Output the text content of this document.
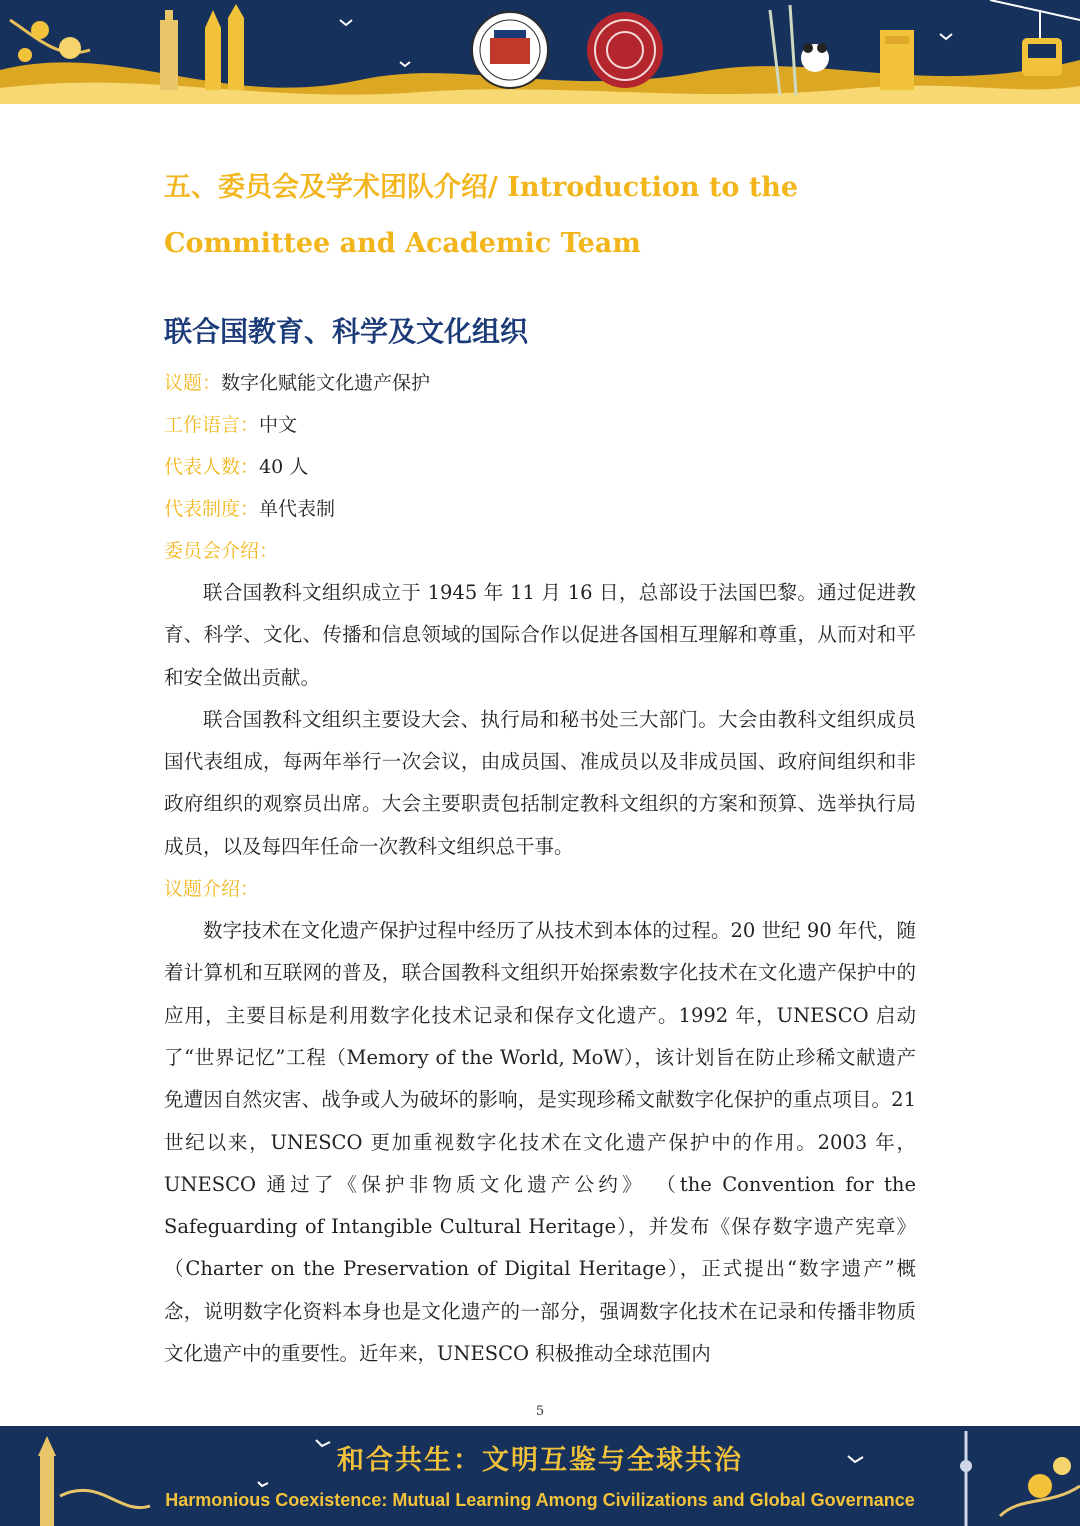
五、委员会及学术团队介绍/ Introduction to the Committee and Academic Team
联合国教育、科学及文化组织
议题：数字化赋能文化遗产保护
工作语言：中文
代表人数：40 人
代表制度：单代表制
委员会介绍：

联合国教科文组织成立于 1945 年 11 月 16 日，总部设于法国巴黎。通过促进教育、科学、文化、传播和信息领域的国际合作以促进各国相互理解和尊重，从而对和平和安全做出贡献。

联合国教科文组织主要设大会、执行局和秘书处三大部门。大会由教科文组织成员国代表组成，每两年举行一次会议，由成员国、准成员以及非成员国、政府间组织和非政府组织的观察员出席。大会主要职责包括制定教科文组织的方案和预算、选举执行局成员，以及每四年任命一次教科文组织总干事。

议题介绍：

数字技术在文化遗产保护过程中经历了从技术到本体的过程。20 世纪 90 年代，随着计算机和互联网的普及，联合国教科文组织开始探索数字化技术在文化遗产保护中的应用，主要目标是利用数字化技术记录和保存文化遗产。1992 年，UNESCO 启动了“世界记忆”工程（Memory of the World, MoW），该计划旨在防止珍稀文献遗产免遭因自然灾害、战争或人为破坏的影响，是实现珍稀文献数字化保护的重点项目。21 世纪以来，UNESCO 更加重视数字化技术在文化遗产保护中的作用。2003 年，UNESCO 通过了《保护非物质文化遗产公约》 （the Convention for the Safeguarding of Intangible Cultural Heritage），并发布《保存数字遗产宪章》 （Charter on the Preservation of Digital Heritage），正式提出“数字遗产”概念，说明数字化资料本身也是文化遗产的一部分，强调数字化技术在记录和传播非物质文化遗产中的重要性。近年来，UNESCO 积极推动全球范围内

5
和合共生：文明互鉴与全球共治
Harmonious Coexistence: Mutual Learning Among Civilizations and Global Governance
